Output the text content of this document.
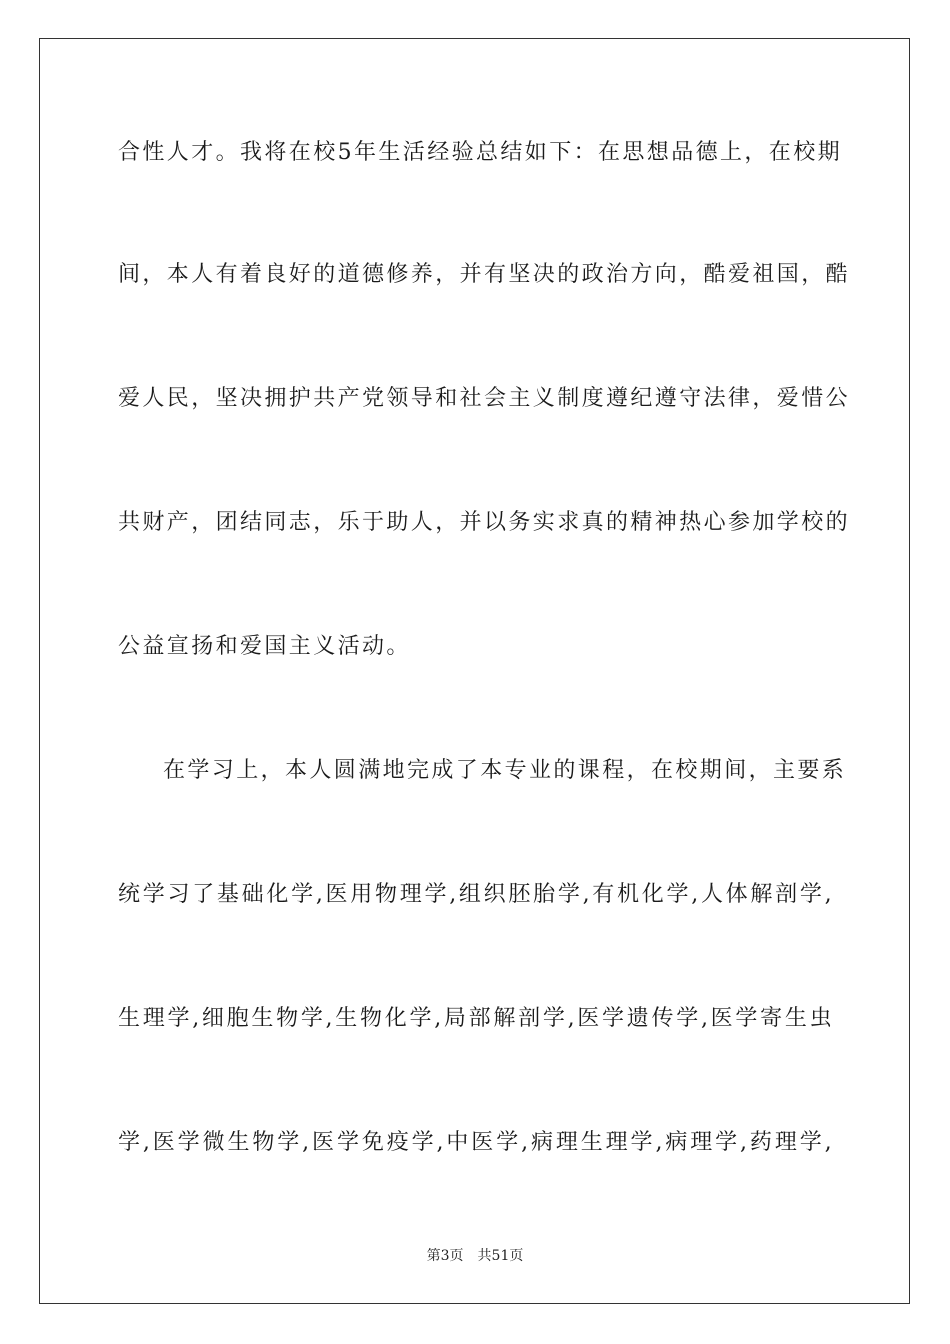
合性人才。我将在校5年生活经验总结如下：在思想品德上，在校期
间，本人有着良好的道德修养，并有坚决的政治方向，酷爱祖国，酷
爱人民，坚决拥护共产党领导和社会主义制度遵纪遵守法律，爱惜公
共财产，团结同志，乐于助人，并以务实求真的精神热心参加学校的
公益宣扬和爱国主义活动。
在学习上，本人圆满地完成了本专业的课程，在校期间，主要系
统学习了基础化学,医用物理学,组织胚胎学,有机化学,人体解剖学,
生理学,细胞生物学,生物化学,局部解剖学,医学遗传学,医学寄生虫
学,医学微生物学,医学免疫学,中医学,病理生理学,病理学,药理学,
第3页 共51页
